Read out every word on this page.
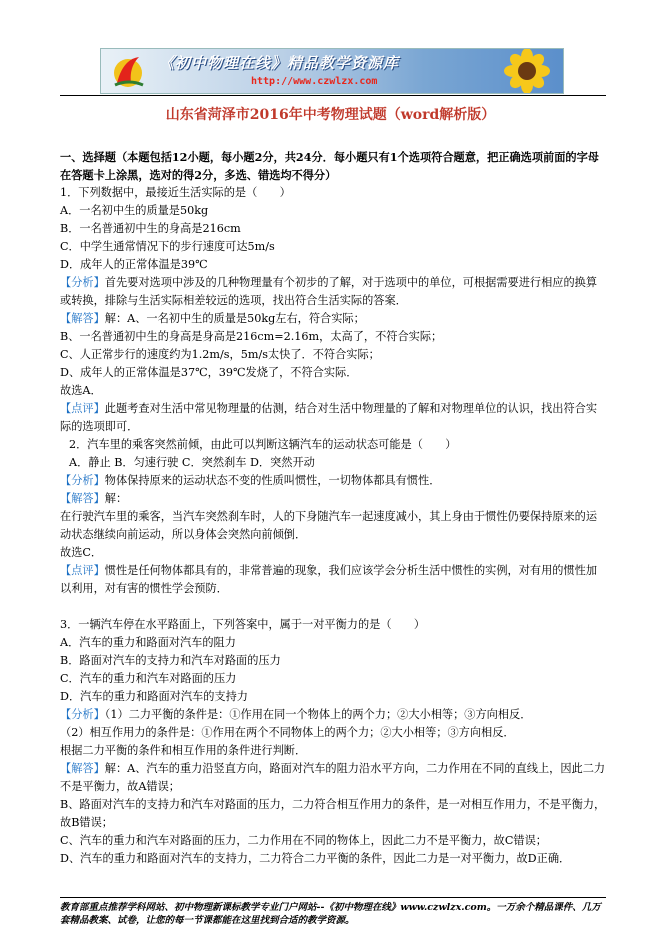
《初中物理在线》精品教学资源库
http://www.czwlzx.com
山东省菏泽市2016年中考物理试题（word解析版）

一、选择题（本题包括12小题，每小题2分，共24分．每小题只有1个选项符合题意，把正确选项前面的字母在答题卡上涂黑，选对的得2分，多选、错选均不得分）

1．下列数据中，最接近生活实际的是（　　）

A．一名初中生的质量是50kg

B．一名普通初中生的身高是216cm

C．中学生通常情况下的步行速度可达5m/s

D．成年人的正常体温是39℃

【分析】首先要对选项中涉及的几种物理量有个初步的了解，对于选项中的单位，可根据需要进行相应的换算或转换，排除与生活实际相差较远的选项，找出符合生活实际的答案．

【解答】解：A、一名初中生的质量是50kg左右，符合实际；

B、一名普通初中生的身高是身高是216cm=2.16m，太高了，不符合实际；

C、人正常步行的速度约为1.2m/s，5m/s太快了．不符合实际；

D、成年人的正常体温是37℃，39℃发烧了，不符合实际．

故选A．

【点评】此题考查对生活中常见物理量的估测，结合对生活中物理量的了解和对物理单位的认识，找出符合实际的选项即可．

2．汽车里的乘客突然前倾，由此可以判断这辆汽车的运动状态可能是（　　）

A．静止 B．匀速行驶 C．突然刹车 D．突然开动

【分析】物体保持原来的运动状态不变的性质叫惯性，一切物体都具有惯性．

【解答】解：

在行驶汽车里的乘客，当汽车突然刹车时，人的下身随汽车一起速度减小，其上身由于惯性仍要保持原来的运动状态继续向前运动，所以身体会突然向前倾倒．

故选C．

【点评】惯性是任何物体都具有的，非常普遍的现象，我们应该学会分析生活中惯性的实例，对有用的惯性加以利用，对有害的惯性学会预防．

3．一辆汽车停在水平路面上，下列答案中，属于一对平衡力的是（　　）

A．汽车的重力和路面对汽车的阻力

B．路面对汽车的支持力和汽车对路面的压力

C．汽车的重力和汽车对路面的压力

D．汽车的重力和路面对汽车的支持力

【分析】（1）二力平衡的条件是：①作用在同一个物体上的两个力；②大小相等；③方向相反．

（2）相互作用力的条件是：①作用在两个不同物体上的两个力；②大小相等；③方向相反．

根据二力平衡的条件和相互作用的条件进行判断．

【解答】解：A、汽车的重力沿竖直方向，路面对汽车的阻力沿水平方向，二力作用在不同的直线上，因此二力不是平衡力，故A错误；

B、路面对汽车的支持力和汽车对路面的压力，二力符合相互作用力的条件，是一对相互作用力，不是平衡力，故B错误；

C、汽车的重力和汽车对路面的压力，二力作用在不同的物体上，因此二力不是平衡力，故C错误；

D、汽车的重力和路面对汽车的支持力，二力符合二力平衡的条件，因此二力是一对平衡力，故D正确．

教育部重点推荐学科网站、初中物理新课标教学专业门户网站--《初中物理在线》www.czwlzx.com。一万余个精品课件、几万套精品教案、试卷，让您的每一节课都能在这里找到合适的教学资源。
